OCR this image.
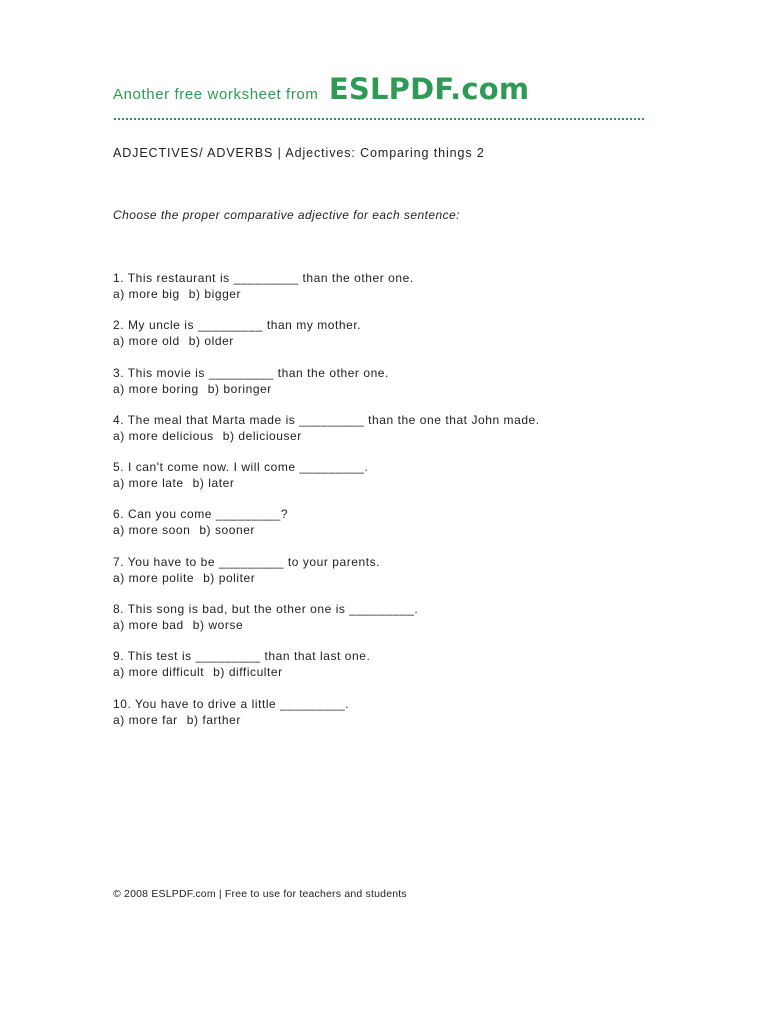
Another free worksheet from ESLPDF.com
ADJECTIVES/ ADVERBS | Adjectives: Comparing things 2
Choose the proper comparative adjective for each sentence:
1. This restaurant is _________ than the other one.
a) more big b) bigger
2. My uncle is _________ than my mother.
a) more old b) older
3. This movie is _________ than the other one.
a) more boring b) boringer
4. The meal that Marta made is _________ than the one that John made.
a) more delicious b) deliciouser
5. I can't come now. I will come _________.
a) more late b) later
6. Can you come _________?
a) more soon b) sooner
7. You have to be _________ to your parents.
a) more polite b) politer
8. This song is bad, but the other one is _________.
a) more bad b) worse
9. This test is _________ than that last one.
a) more difficult b) difficulter
10. You have to drive a little _________.
a) more far b) farther
© 2008 ESLPDF.com | Free to use for teachers and students
